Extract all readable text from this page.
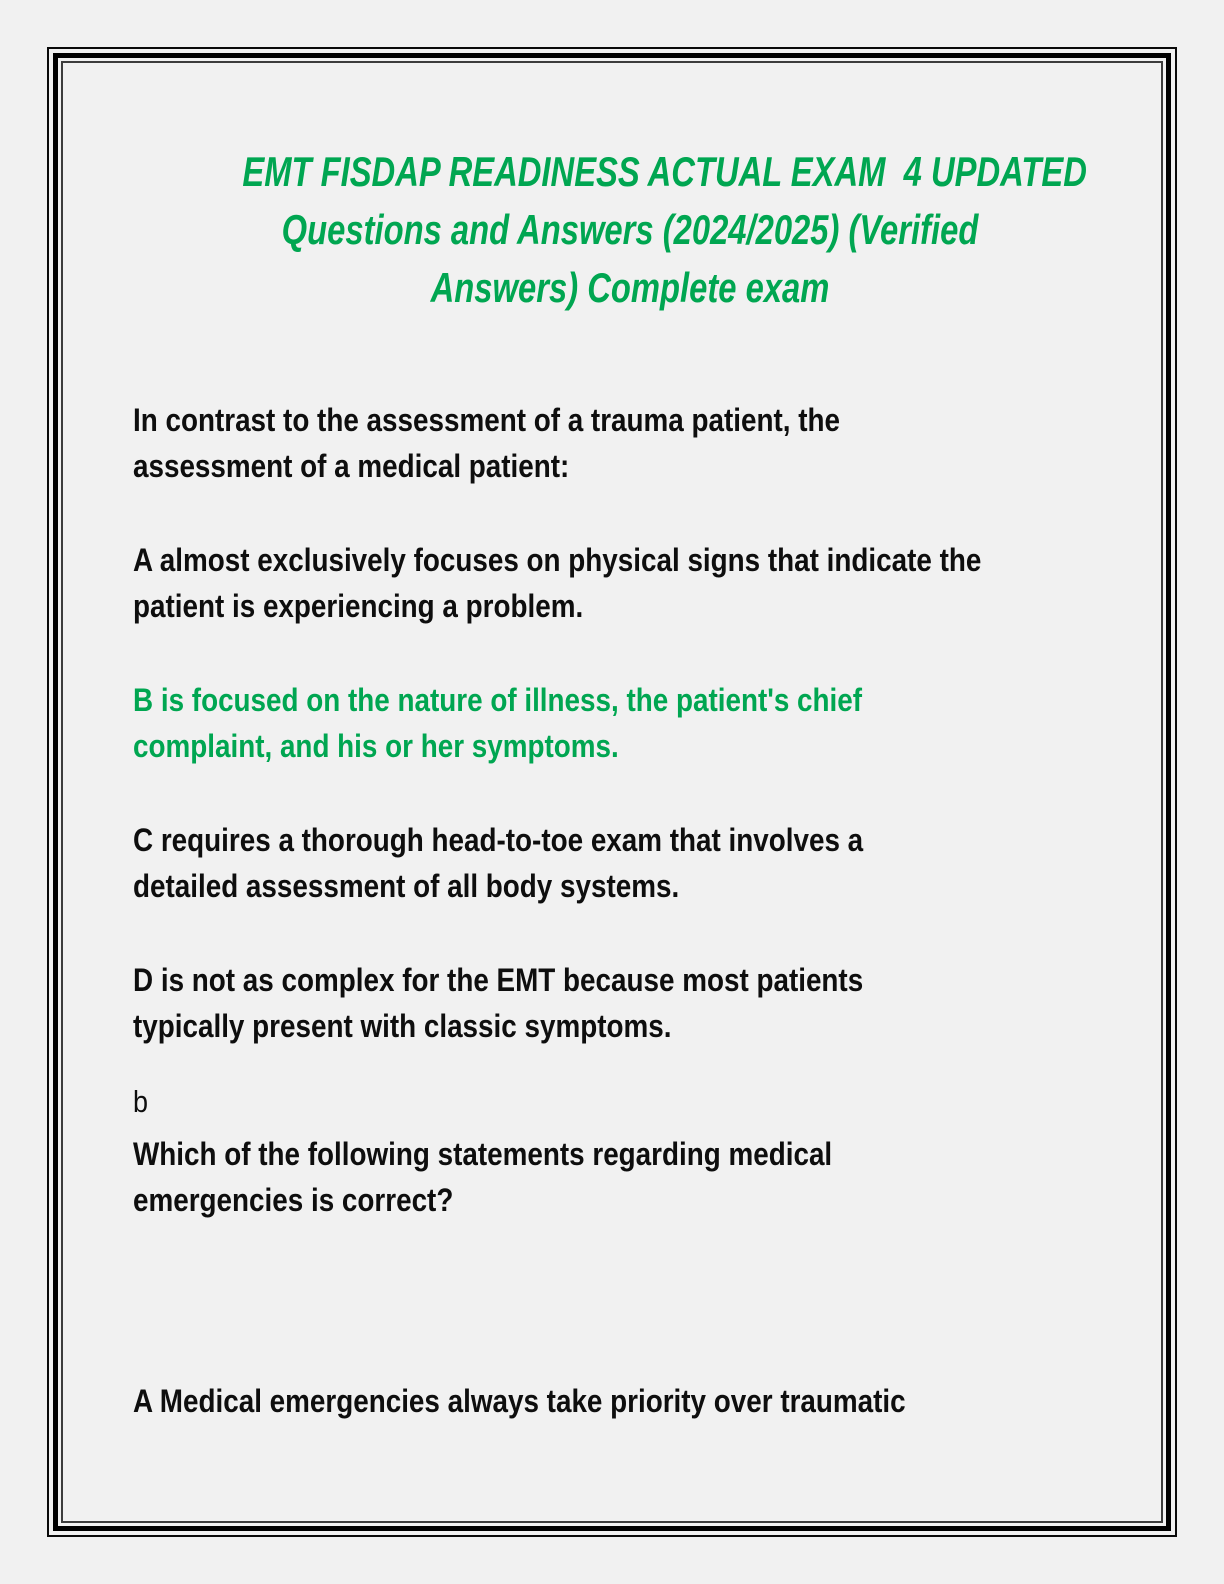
EMT FISDAP READINESS ACTUAL EXAM  4 UPDATED
Questions and Answers (2024/2025) (Verified
Answers) Complete exam
In contrast to the assessment of a trauma patient, the
assessment of a medical patient:
A almost exclusively focuses on physical signs that indicate the
patient is experiencing a problem.
B is focused on the nature of illness, the patient's chief
complaint, and his or her symptoms.
C requires a thorough head-to-toe exam that involves a
detailed assessment of all body systems.
D is not as complex for the EMT because most patients
typically present with classic symptoms.
b
Which of the following statements regarding medical
emergencies is correct?
A Medical emergencies always take priority over traumatic
